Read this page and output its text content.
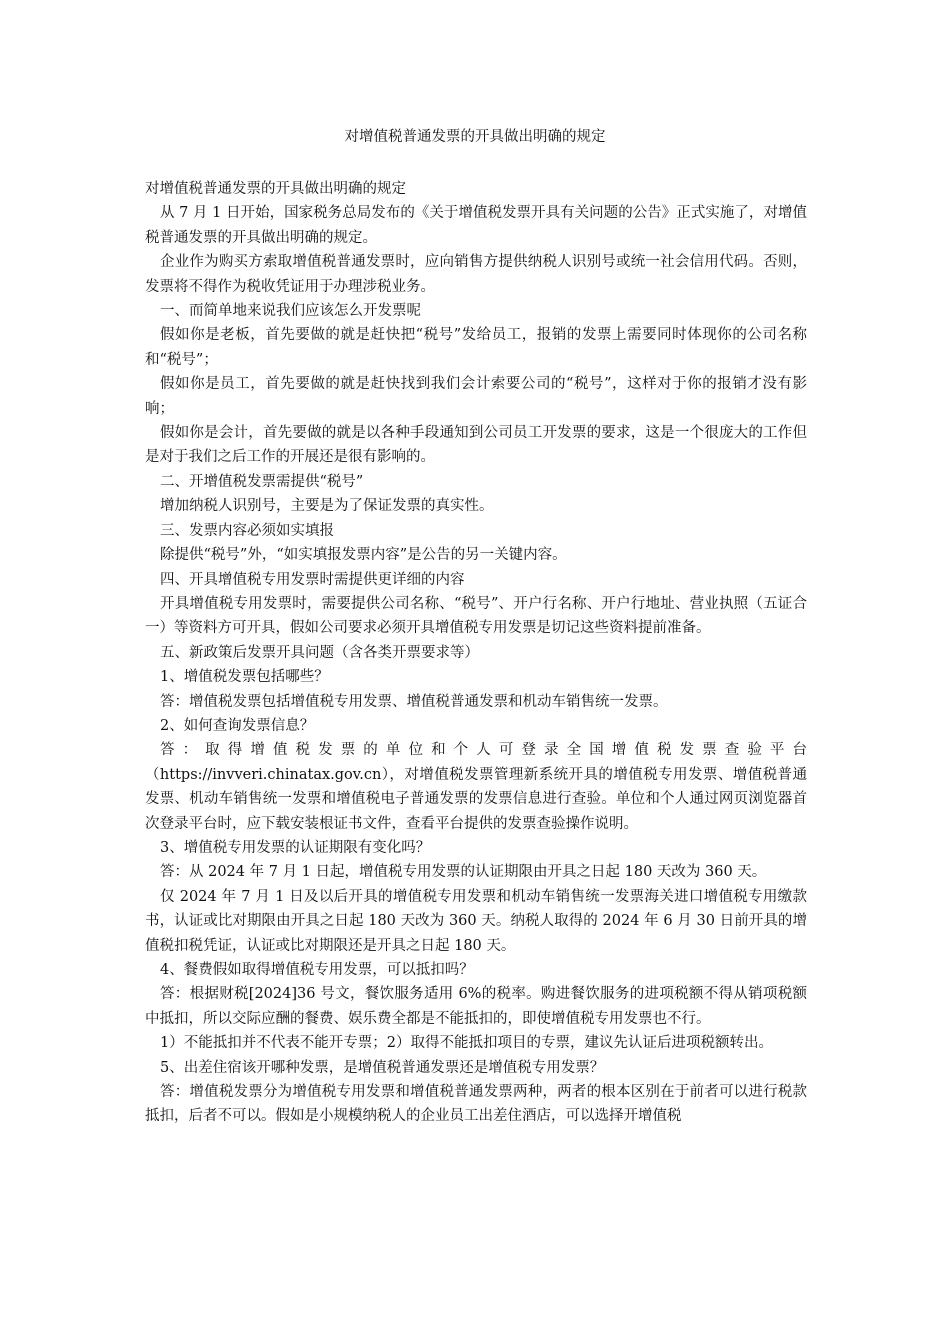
对增值税普通发票的开具做出明确的规定

对增值税普通发票的开具做出明确的规定

从 7 月 1 日开始，国家税务总局发布的《关于增值税发票开具有关问题的公告》正式实施了，对增值税普通发票的开具做出明确的规定。

企业作为购买方索取增值税普通发票时，应向销售方提供纳税人识别号或统一社会信用代码。否则，发票将不得作为税收凭证用于办理涉税业务。

一、而简单地来说我们应该怎么开发票呢

假如你是老板，首先要做的就是赶快把“税号”发给员工，报销的发票上需要同时体现你的公司名称和“税号”；

假如你是员工，首先要做的就是赶快找到我们会计索要公司的“税号”，这样对于你的报销才没有影响；

假如你是会计，首先要做的就是以各种手段通知到公司员工开发票的要求，这是一个很庞大的工作但是对于我们之后工作的开展还是很有影响的。

二、开增值税发票需提供“税号”

增加纳税人识别号，主要是为了保证发票的真实性。

三、发票内容必须如实填报

除提供“税号”外，“如实填报发票内容”是公告的另一关键内容。

四、开具增值税专用发票时需提供更详细的内容

开具增值税专用发票时，需要提供公司名称、“税号”、开户行名称、开户行地址、营业执照（五证合一）等资料方可开具，假如公司要求必须开具增值税专用发票是切记这些资料提前准备。

五、新政策后发票开具问题（含各类开票要求等）

1、增值税发票包括哪些？

答：增值税发票包括增值税专用发票、增值税普通发票和机动车销售统一发票。

2、如何查询发票信息？

答：取得增值税发票的单位和个人可登录全国增值税发票查验平台（https://invveri.chinatax.gov.cn），对增值税发票管理新系统开具的增值税专用发票、增值税普通发票、机动车销售统一发票和增值税电子普通发票的发票信息进行查验。单位和个人通过网页浏览器首次登录平台时，应下载安装根证书文件，查看平台提供的发票查验操作说明。

3、增值税专用发票的认证期限有变化吗？

答：从 2024 年 7 月 1 日起，增值税专用发票的认证期限由开具之日起 180 天改为 360 天。

仅 2024 年 7 月 1 日及以后开具的增值税专用发票和机动车销售统一发票海关进口增值税专用缴款书，认证或比对期限由开具之日起 180 天改为 360 天。纳税人取得的 2024 年 6 月 30 日前开具的增值税扣税凭证，认证或比对期限还是开具之日起 180 天。

4、餐费假如取得增值税专用发票，可以抵扣吗？

答：根据财税[2024]36 号文，餐饮服务适用 6%的税率。购进餐饮服务的进项税额不得从销项税额中抵扣，所以交际应酬的餐费、娱乐费全都是不能抵扣的，即使增值税专用发票也不行。

1）不能抵扣并不代表不能开专票；2）取得不能抵扣项目的专票，建议先认证后进项税额转出。

5、出差住宿该开哪种发票，是增值税普通发票还是增值税专用发票？

答：增值税发票分为增值税专用发票和增值税普通发票两种，两者的根本区别在于前者可以进行税款抵扣，后者不可以。假如是小规模纳税人的企业员工出差住酒店，可以选择开增值税
